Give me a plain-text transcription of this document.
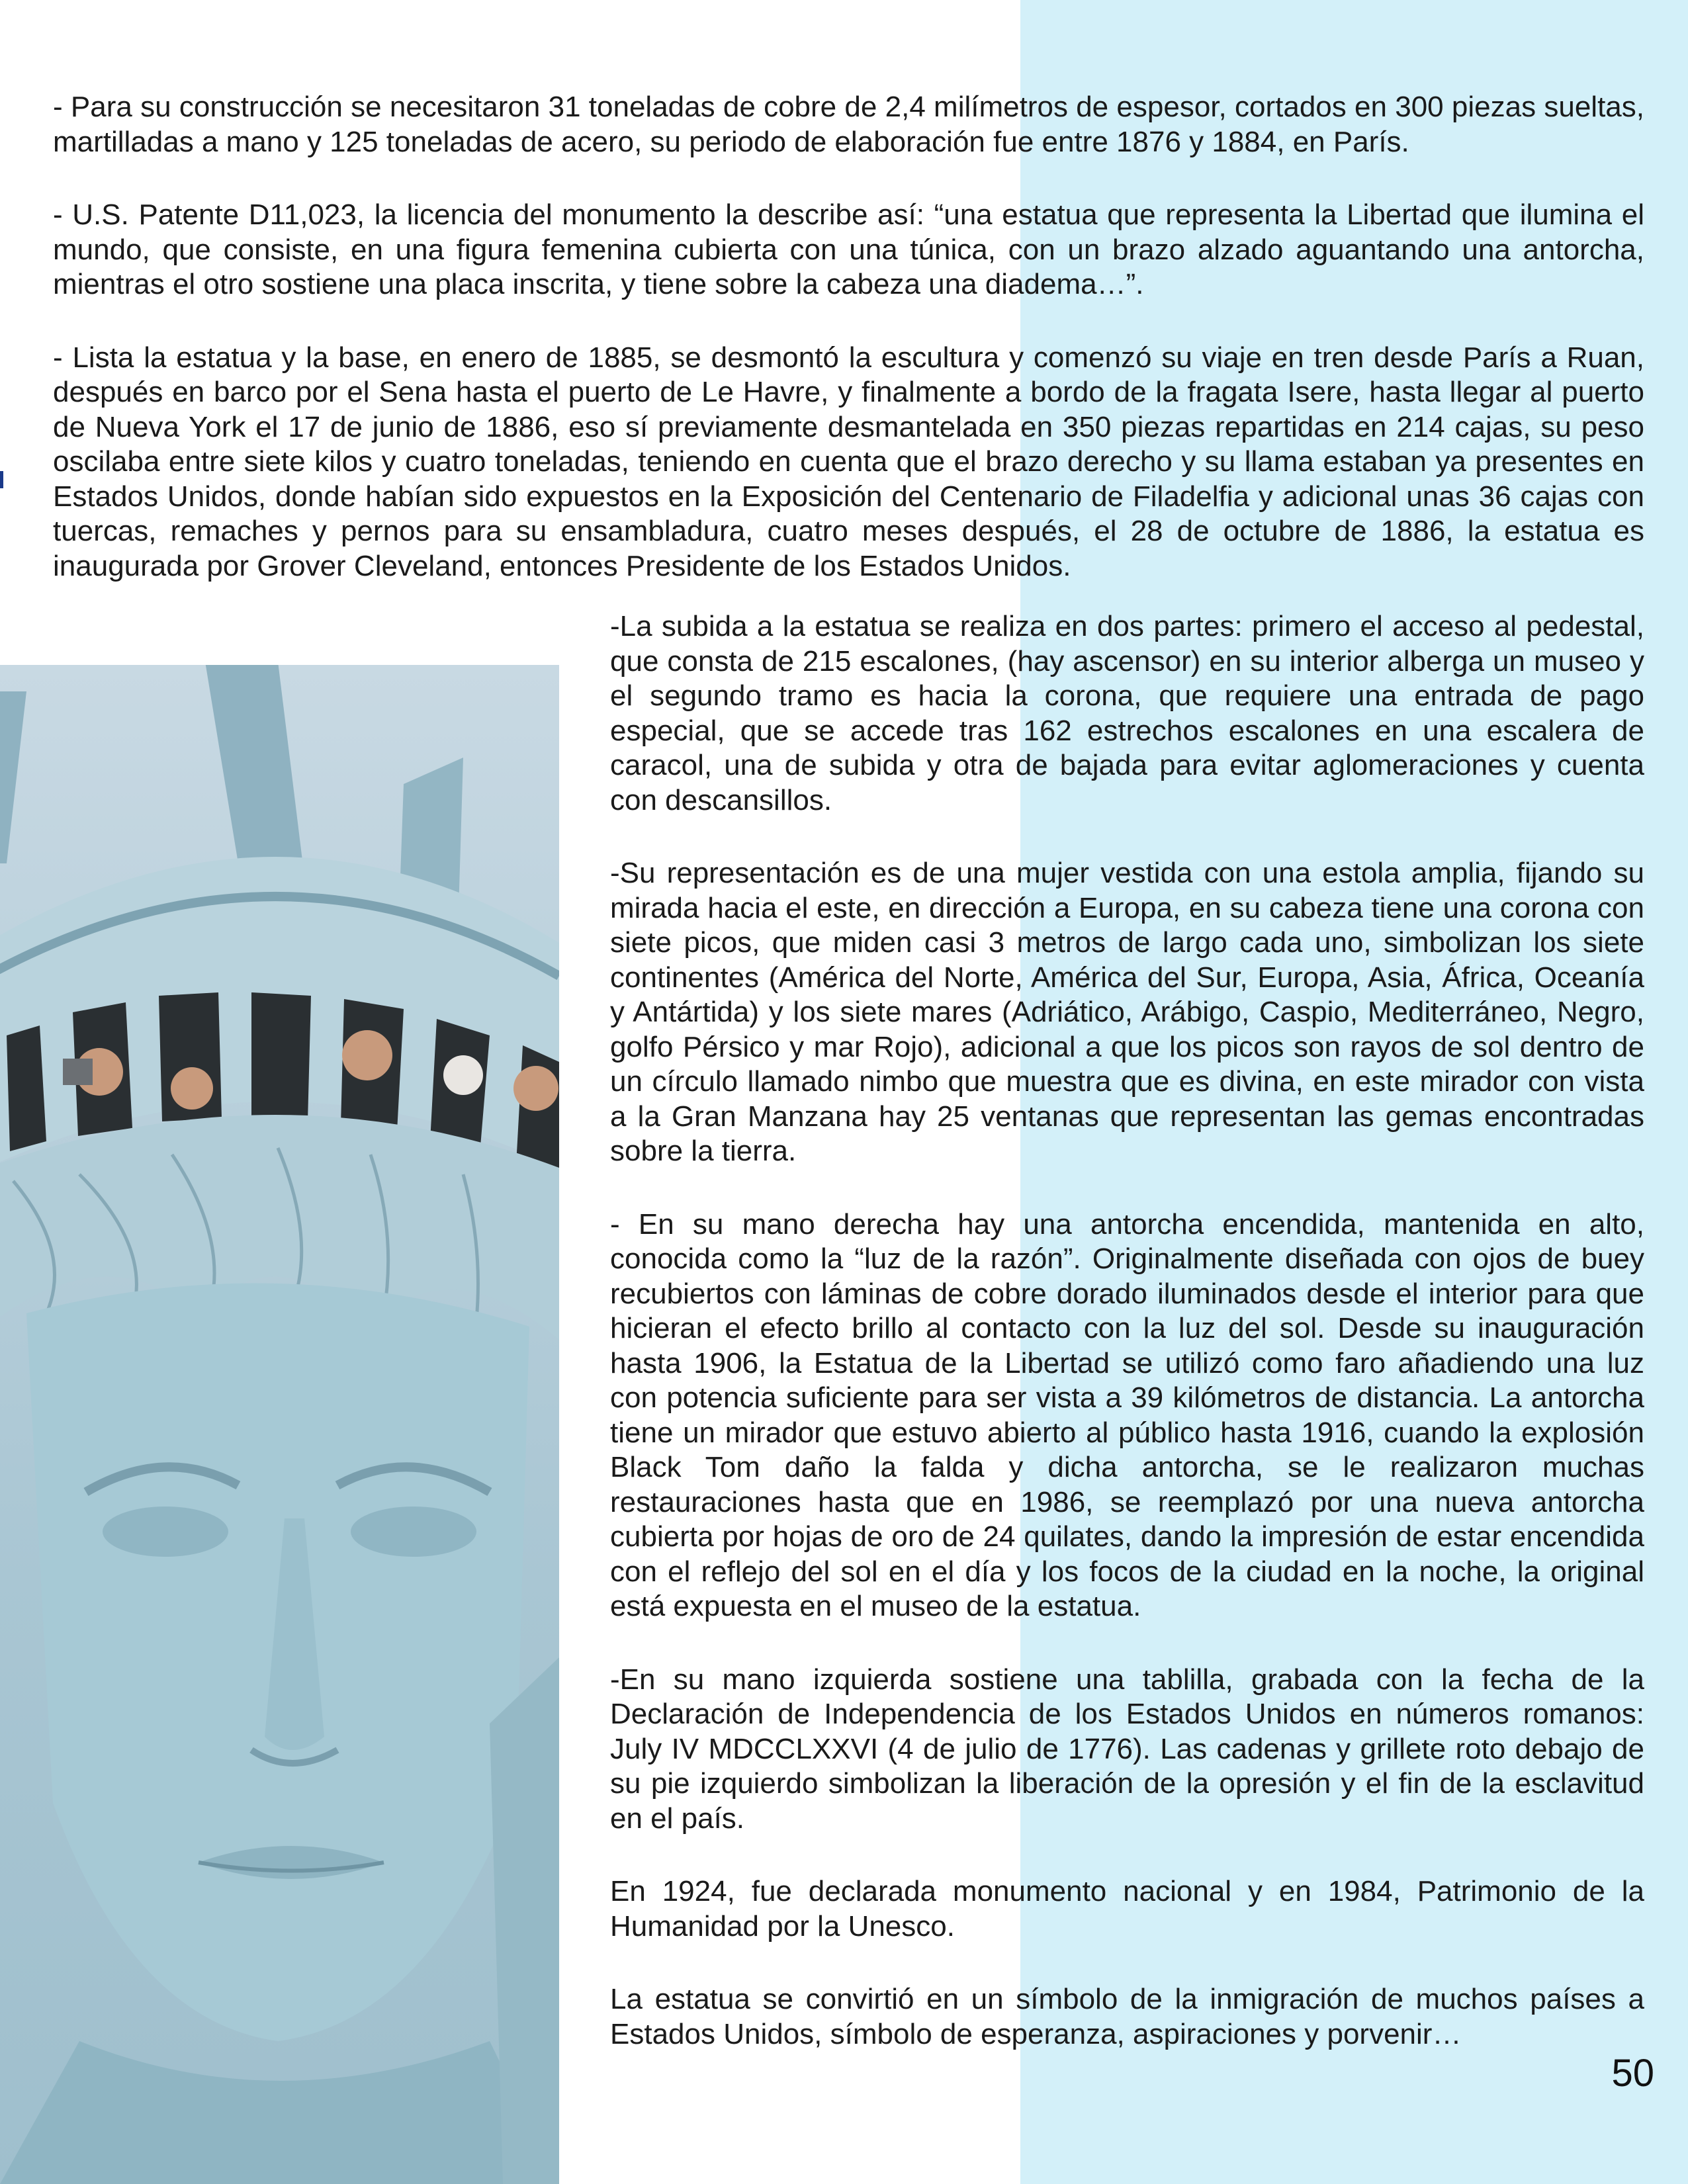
- Para su construcción se necesitaron 31 toneladas de cobre de 2,4 milímetros de espesor, cortados en 300 piezas sueltas, martilladas a mano y 125 toneladas de acero, su periodo de elaboración fue entre 1876 y 1884, en París.

- U.S. Patente D11,023, la licencia del monumento la describe así: “una estatua que representa la Libertad que ilumina el mundo, que consiste, en una figura femenina cubierta con una túnica, con un brazo alzado aguantando una antorcha, mientras el otro sostiene una placa inscrita, y tiene sobre la cabeza una diadema…”.

- Lista la estatua y la base, en enero de 1885, se desmontó la escultura y comenzó su viaje en tren desde París a Ruan, después en barco por el Sena hasta el puerto de Le Havre, y finalmente a bordo de la fragata Isere, hasta llegar al puerto de Nueva York el 17 de junio de 1886, eso sí previamente desmantelada en 350 piezas repartidas en 214 cajas, su peso oscilaba entre siete kilos y cuatro toneladas, teniendo en cuenta que el brazo derecho y su llama estaban ya presentes en Estados Unidos, donde habían sido expuestos en la Exposición del Centenario de Filadelfia y adicional unas 36 cajas con tuercas, remaches y pernos para su ensambladura, cuatro meses después, el 28 de octubre de 1886, la estatua es inaugurada por Grover Cleveland, entonces Presidente de los Estados Unidos.

-La subida a la estatua se realiza en dos partes: primero el acceso al pedestal, que consta de 215 escalones, (hay ascensor) en su interior alberga un museo y el segundo tramo es hacia la corona, que requiere una entrada de pago especial, que se accede tras 162 estrechos escalones en una escalera de caracol, una de subida y otra de bajada para evitar aglomeraciones y cuenta con descansillos.

-Su representación es de una mujer vestida con una estola amplia, fijando su mirada hacia el este, en dirección a Europa, en su cabeza tiene una corona con siete picos, que miden casi 3 metros de largo cada uno, simbolizan los siete continentes (América del Norte, América del Sur, Europa, Asia, África, Oceanía y Antártida) y los siete mares (Adriático, Arábigo, Caspio, Mediterráneo, Negro, golfo Pérsico y mar Rojo), adicional a que los picos son rayos de sol dentro de un círculo llamado nimbo que muestra que es divina, en este mirador con vista a la Gran Manzana hay 25 ventanas que representan las gemas encontradas sobre la tierra.

- En su mano derecha hay una antorcha encendida, mantenida en alto, conocida como la “luz de la razón”. Originalmente diseñada con ojos de buey recubiertos con láminas de cobre dorado iluminados desde el interior para que hicieran el efecto brillo al contacto con la luz del sol. Desde su inauguración hasta 1906, la Estatua de la Libertad se utilizó como faro añadiendo una luz con potencia suficiente para ser vista a 39 kilómetros de distancia. La antorcha tiene un mirador que estuvo abierto al público hasta 1916, cuando la explosión Black Tom daño la falda y dicha antorcha, se le realizaron muchas restauraciones hasta que en 1986, se reemplazó por una nueva antorcha cubierta por hojas de oro de 24 quilates, dando la impresión de estar encendida con el reflejo del sol en el día y los focos de la ciudad en la noche, la original está expuesta en el museo de la estatua.

-En su mano izquierda sostiene una tablilla, grabada con la fecha de la Declaración de Independencia de los Estados Unidos en números romanos: July IV MDCCLXXVI (4 de julio de 1776). Las cadenas y grillete roto debajo de su pie izquierdo simbolizan la liberación de la opresión y el fin de la esclavitud en el país.

En 1924, fue declarada monumento nacional y en 1984, Patrimonio de la Humanidad por la Unesco.

La estatua se convirtió en un símbolo de la inmigración de muchos países a Estados Unidos, símbolo de esperanza, aspiraciones y porvenir…

50
